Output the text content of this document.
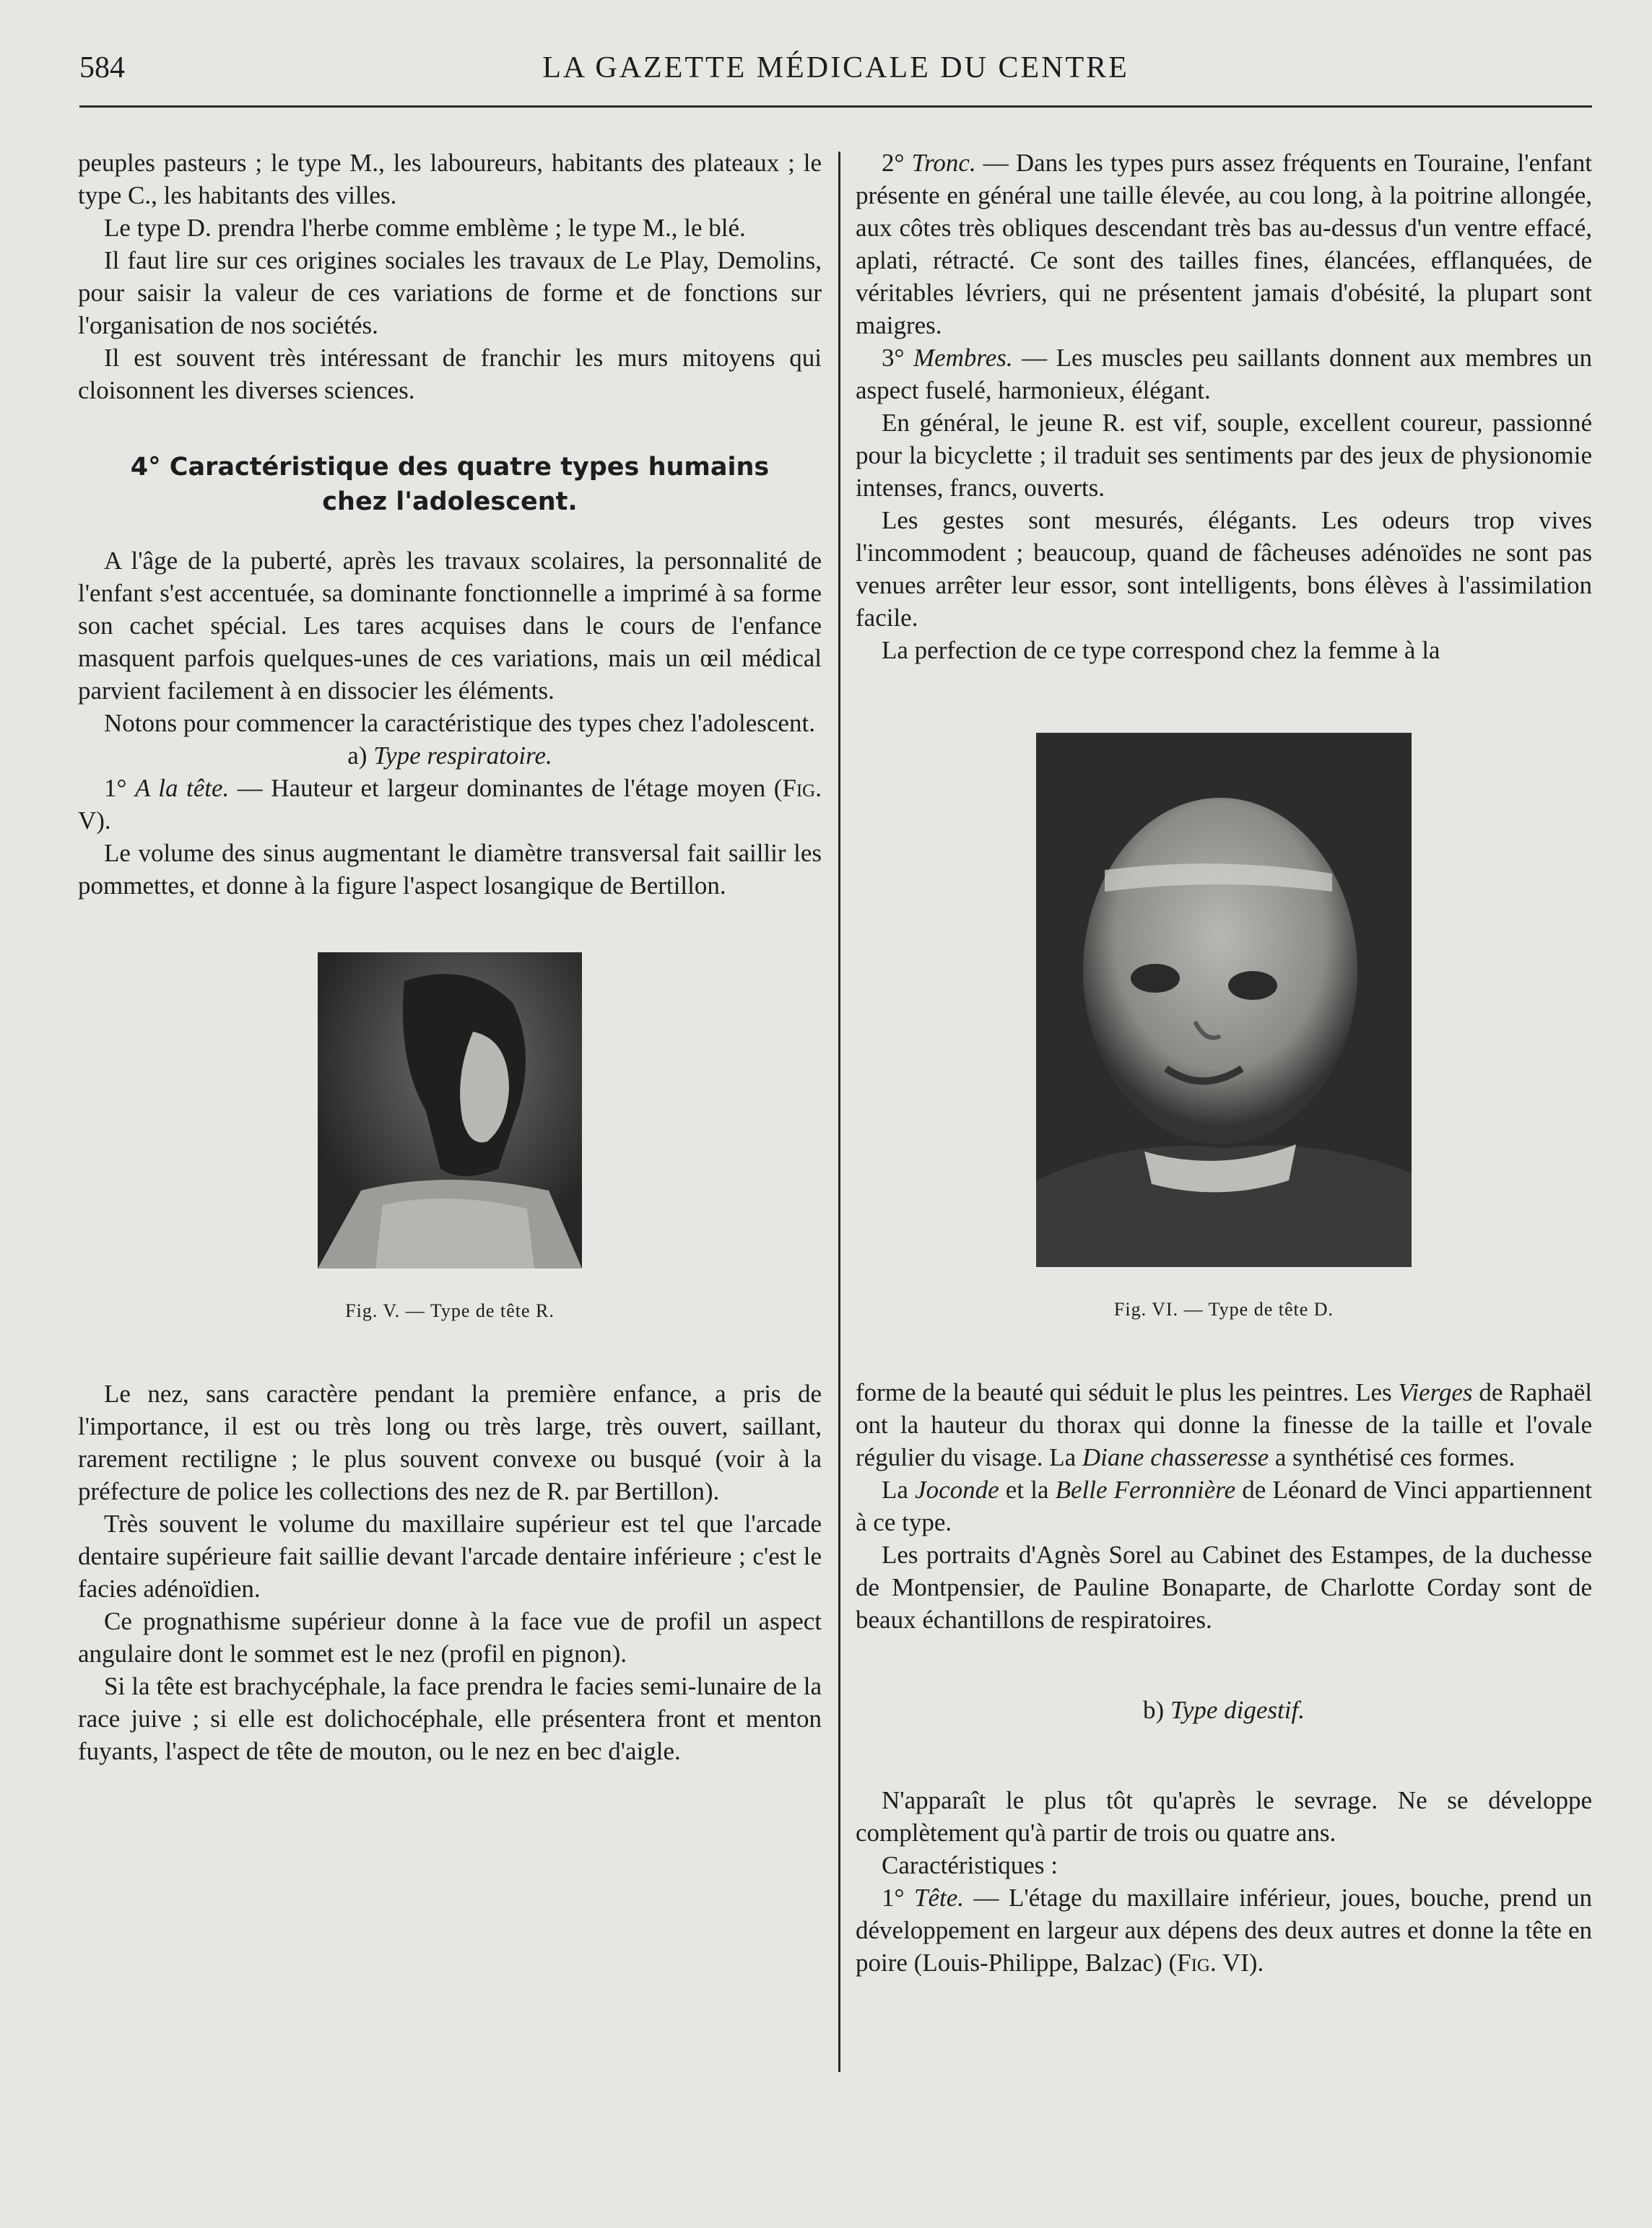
584	LA GAZETTE MÉDICALE DU CENTRE

peuples pasteurs ; le type M., les laboureurs, habitants des plateaux ; le type C., les habitants des villes.

Le type D. prendra l'herbe comme emblème ; le type M., le blé.

Il faut lire sur ces origines sociales les travaux de Le Play, Demolins, pour saisir la valeur de ces variations de forme et de fonctions sur l'organisation de nos sociétés.

Il est souvent très intéressant de franchir les murs mitoyens qui cloisonnent les diverses sciences.

4° Caractéristique des quatre types humains
chez l'adolescent.

A l'âge de la puberté, après les travaux scolaires, la personnalité de l'enfant s'est accentuée, sa dominante fonctionnelle a imprimé à sa forme son cachet spécial. Les tares acquises dans le cours de l'enfance masquent parfois quelques-unes de ces variations, mais un œil médical parvient facilement à en dissocier les éléments.

Notons pour commencer la caractéristique des types chez l'adolescent.

a) Type respiratoire.

1° A la tête. — Hauteur et largeur dominantes de l'étage moyen (Fig. V).

Le volume des sinus augmentant le diamètre transversal fait saillir les pommettes, et donne à la figure l'aspect losangique de Bertillon.

Fig. V. — Type de tête R.

Le nez, sans caractère pendant la première enfance, a pris de l'importance, il est ou très long ou très large, très ouvert, saillant, rarement rectiligne ; le plus souvent convexe ou busqué (voir à la préfecture de police les collections des nez de R. par Bertillon).

Très souvent le volume du maxillaire supérieur est tel que l'arcade dentaire supérieure fait saillie devant l'arcade dentaire inférieure ; c'est le facies adénoïdien.

Ce prognathisme supérieur donne à la face vue de profil un aspect angulaire dont le sommet est le nez (profil en pignon).

Si la tête est brachycéphale, la face prendra le facies semi-lunaire de la race juive ; si elle est dolichocéphale, elle présentera front et menton fuyants, l'aspect de tête de mouton, ou le nez en bec d'aigle.

2° Tronc. — Dans les types purs assez fréquents en Touraine, l'enfant présente en général une taille élevée, au cou long, à la poitrine allongée, aux côtes très obliques descendant très bas au-dessus d'un ventre effacé, aplati, rétracté. Ce sont des tailles fines, élancées, efflanquées, de véritables lévriers, qui ne présentent jamais d'obésité, la plupart sont maigres.

3° Membres. — Les muscles peu saillants donnent aux membres un aspect fuselé, harmonieux, élégant.

En général, le jeune R. est vif, souple, excellent coureur, passionné pour la bicyclette ; il traduit ses sentiments par des jeux de physionomie intenses, francs, ouverts.

Les gestes sont mesurés, élégants. Les odeurs trop vives l'incommodent ; beaucoup, quand de fâcheuses adénoïdes ne sont pas venues arrêter leur essor, sont intelligents, bons élèves à l'assimilation facile.

La perfection de ce type correspond chez la femme à la

Fig. VI. — Type de tête D.

forme de la beauté qui séduit le plus les peintres. Les Vierges de Raphaël ont la hauteur du thorax qui donne la finesse de la taille et l'ovale régulier du visage. La Diane chasseresse a synthétisé ces formes.

La Joconde et la Belle Ferronnière de Léonard de Vinci appartiennent à ce type.

Les portraits d'Agnès Sorel au Cabinet des Estampes, de la duchesse de Montpensier, de Pauline Bonaparte, de Charlotte Corday sont de beaux échantillons de respiratoires.

b) Type digestif.

N'apparaît le plus tôt qu'après le sevrage. Ne se développe complètement qu'à partir de trois ou quatre ans.

Caractéristiques :

1° Tête. — L'étage du maxillaire inférieur, joues, bouche, prend un développement en largeur aux dépens des deux autres et donne la tête en poire (Louis-Philippe, Balzac) (Fig. VI).
